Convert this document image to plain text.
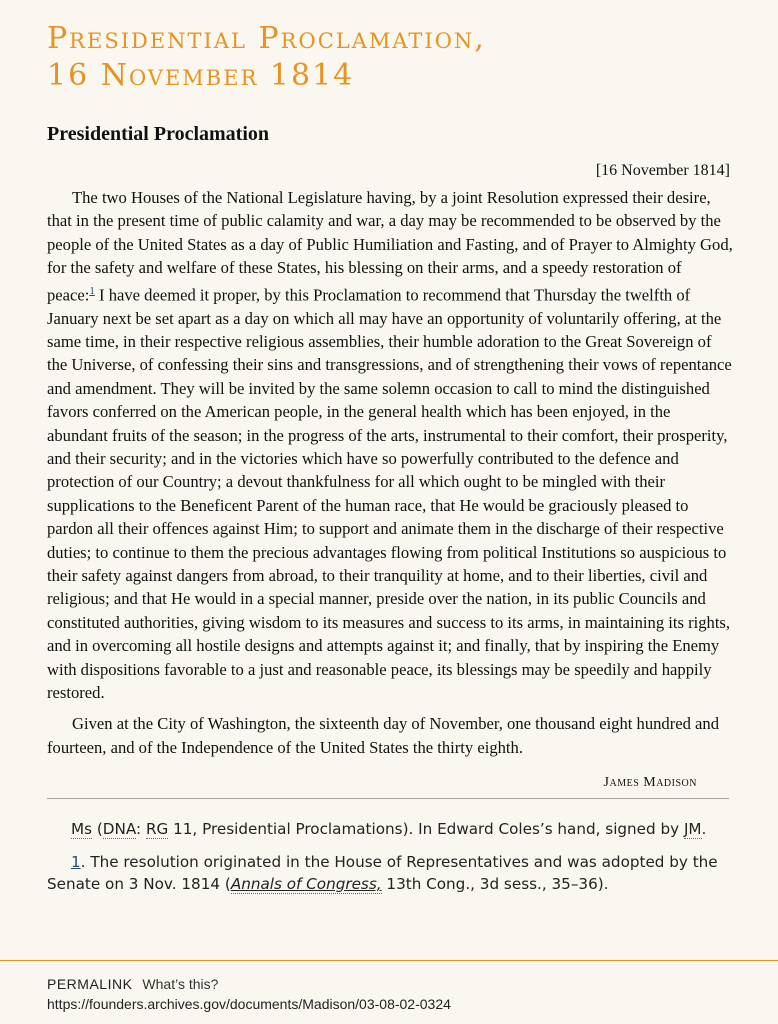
Presidential Proclamation,
16 November 1814
Presidential Proclamation
[16 November 1814]

The two Houses of the National Legislature having, by a joint Resolution expressed their desire, that in the present time of public calamity and war, a day may be recommended to be observed by the people of the United States as a day of Public Humiliation and Fasting, and of Prayer to Almighty God, for the safety and welfare of these States, his blessing on their arms, and a speedy restoration of peace:$^1$ I have deemed it proper, by this Proclamation to recommend that Thursday the twelfth of January next be set apart as a day on which all may have an opportunity of voluntarily offering, at the same time, in their respective religious assemblies, their humble adoration to the Great Sovereign of the Universe, of confessing their sins and transgressions, and of strengthening their vows of repentance and amendment. They will be invited by the same solemn occasion to call to mind the distinguished favors conferred on the American people, in the general health which has been enjoyed, in the abundant fruits of the season; in the progress of the arts, instrumental to their comfort, their prosperity, and their security; and in the victories which have so powerfully contributed to the defence and protection of our Country; a devout thankfulness for all which ought to be mingled with their supplications to the Beneficent Parent of the human race, that He would be graciously pleased to pardon all their offences against Him; to support and animate them in the discharge of their respective duties; to continue to them the precious advantages flowing from political Institutions so auspicious to their safety against dangers from abroad, to their tranquility at home, and to their liberties, civil and religious; and that He would in a special manner, preside over the nation, in its public Councils and constituted authorities, giving wisdom to its measures and success to its arms, in maintaining its rights, and in overcoming all hostile designs and attempts against it; and finally, that by inspiring the Enemy with dispositions favorable to a just and reasonable peace, its blessings may be speedily and happily restored.

Given at the City of Washington, the sixteenth day of November, one thousand eight hundred and fourteen, and of the Independence of the United States the thirty eighth.

James Madison

Ms (DNA: RG 11, Presidential Proclamations). In Edward Coles’s hand, signed by JM.

1. The resolution originated in the House of Representatives and was adopted by the Senate on 3 Nov. 1814 (Annals of Congress, 13th Cong., 3d sess., 35–36).

PERMALINK What’s this?
https://founders.archives.gov/documents/Madison/03-08-02-0324
